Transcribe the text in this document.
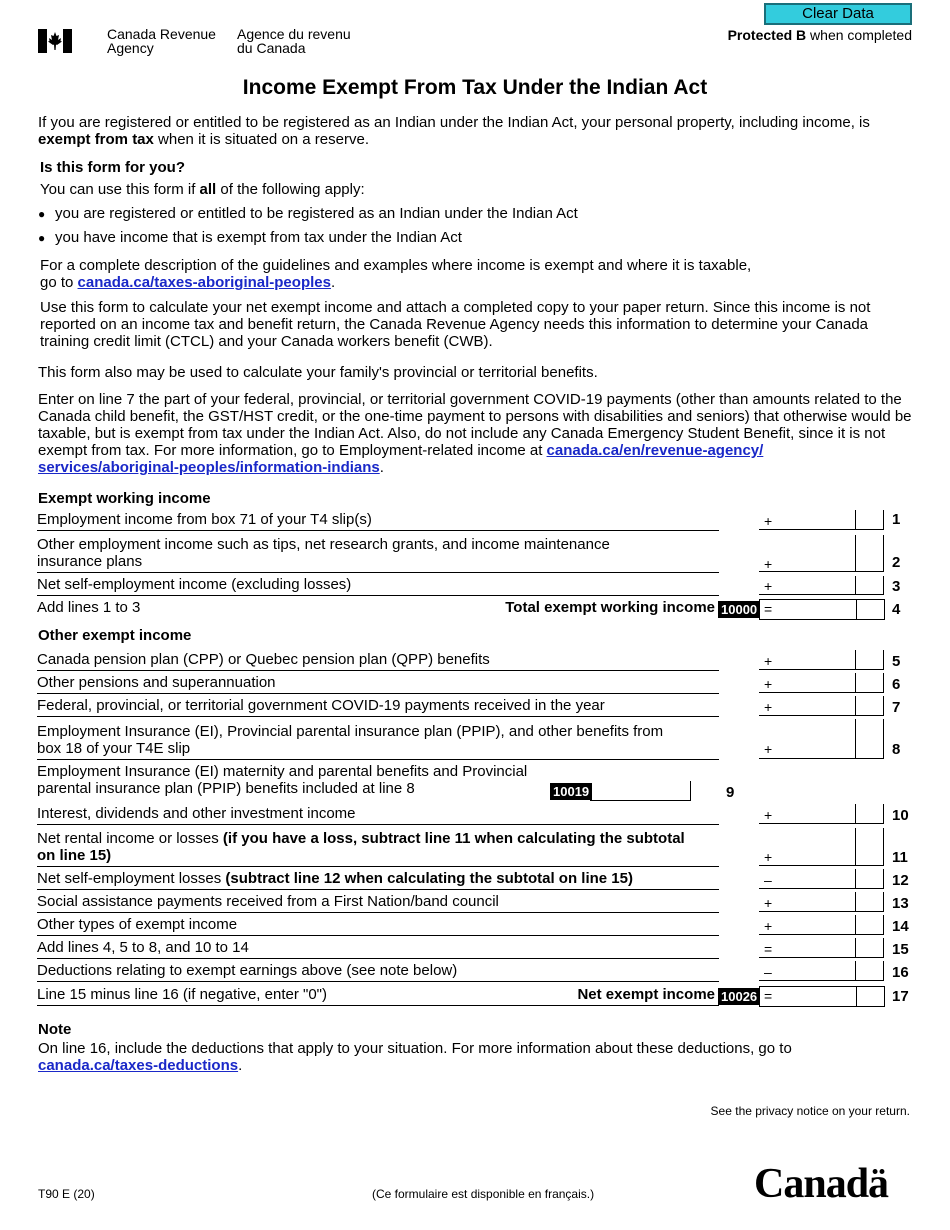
Canada Revenue
Agency
Agence du revenu
du Canada
Clear Data
Protected B when completed
Income Exempt From Tax Under the Indian Act
If you are registered or entitled to be registered as an Indian under the Indian Act, your personal property, including income, is
exempt from tax when it is situated on a reserve.
Is this form for you?
You can use this form if all of the following apply:
● you are registered or entitled to be registered as an Indian under the Indian Act
● you have income that is exempt from tax under the Indian Act
For a complete description of the guidelines and examples where income is exempt and where it is taxable,
go to canada.ca/taxes-aboriginal-peoples.
Use this form to calculate your net exempt income and attach a completed copy to your paper return. Since this income is not reported on an income tax and benefit return, the Canada Revenue Agency needs this information to determine your Canada training credit limit (CTCL) and your Canada workers benefit (CWB).
This form also may be used to calculate your family's provincial or territorial benefits.
Enter on line 7 the part of your federal, provincial, or territorial government COVID-19 payments (other than amounts related to the Canada child benefit, the GST/HST credit, or the one-time payment to persons with disabilities and seniors) that otherwise would be taxable, but is exempt from tax under the Indian Act. Also, do not include any Canada Emergency Student Benefit, since it is not exempt from tax. For more information, go to Employment-related income at canada.ca/en/revenue-agency/
services/aboriginal-peoples/information-indians.
Exempt working income
Employment income from box 71 of your T4 slip(s)	+	1
Other employment income such as tips, net research grants, and income maintenance
insurance plans	+	2
Net self-employment income (excluding losses)	+	3
Add lines 1 to 3	Total exempt working income 10000 =	4
Other exempt income
Canada pension plan (CPP) or Quebec pension plan (QPP) benefits	+	5
Other pensions and superannuation	+	6
Federal, provincial, or territorial government COVID-19 payments received in the year	+	7
Employment Insurance (EI), Provincial parental insurance plan (PPIP), and other benefits from
box 18 of your T4E slip	+	8
Employment Insurance (EI) maternity and parental benefits and Provincial
parental insurance plan (PPIP) benefits included at line 8	10019	9
Interest, dividends and other investment income	+	10
Net rental income or losses (if you have a loss, subtract line 11 when calculating the subtotal
on line 15)	+	11
Net self-employment losses (subtract line 12 when calculating the subtotal on line 15)	–	12
Social assistance payments received from a First Nation/band council	+	13
Other types of exempt income	+	14
Add lines 4, 5 to 8, and 10 to 14	=	15
Deductions relating to exempt earnings above (see note below)	–	16
Line 15 minus line 16 (if negative, enter "0")	Net exempt income 10026 =	17
Note
On line 16, include the deductions that apply to your situation. For more information about these deductions, go to
canada.ca/taxes-deductions.
See the privacy notice on your return.
T90 E (20)	(Ce formulaire est disponible en français.)	Canadä
